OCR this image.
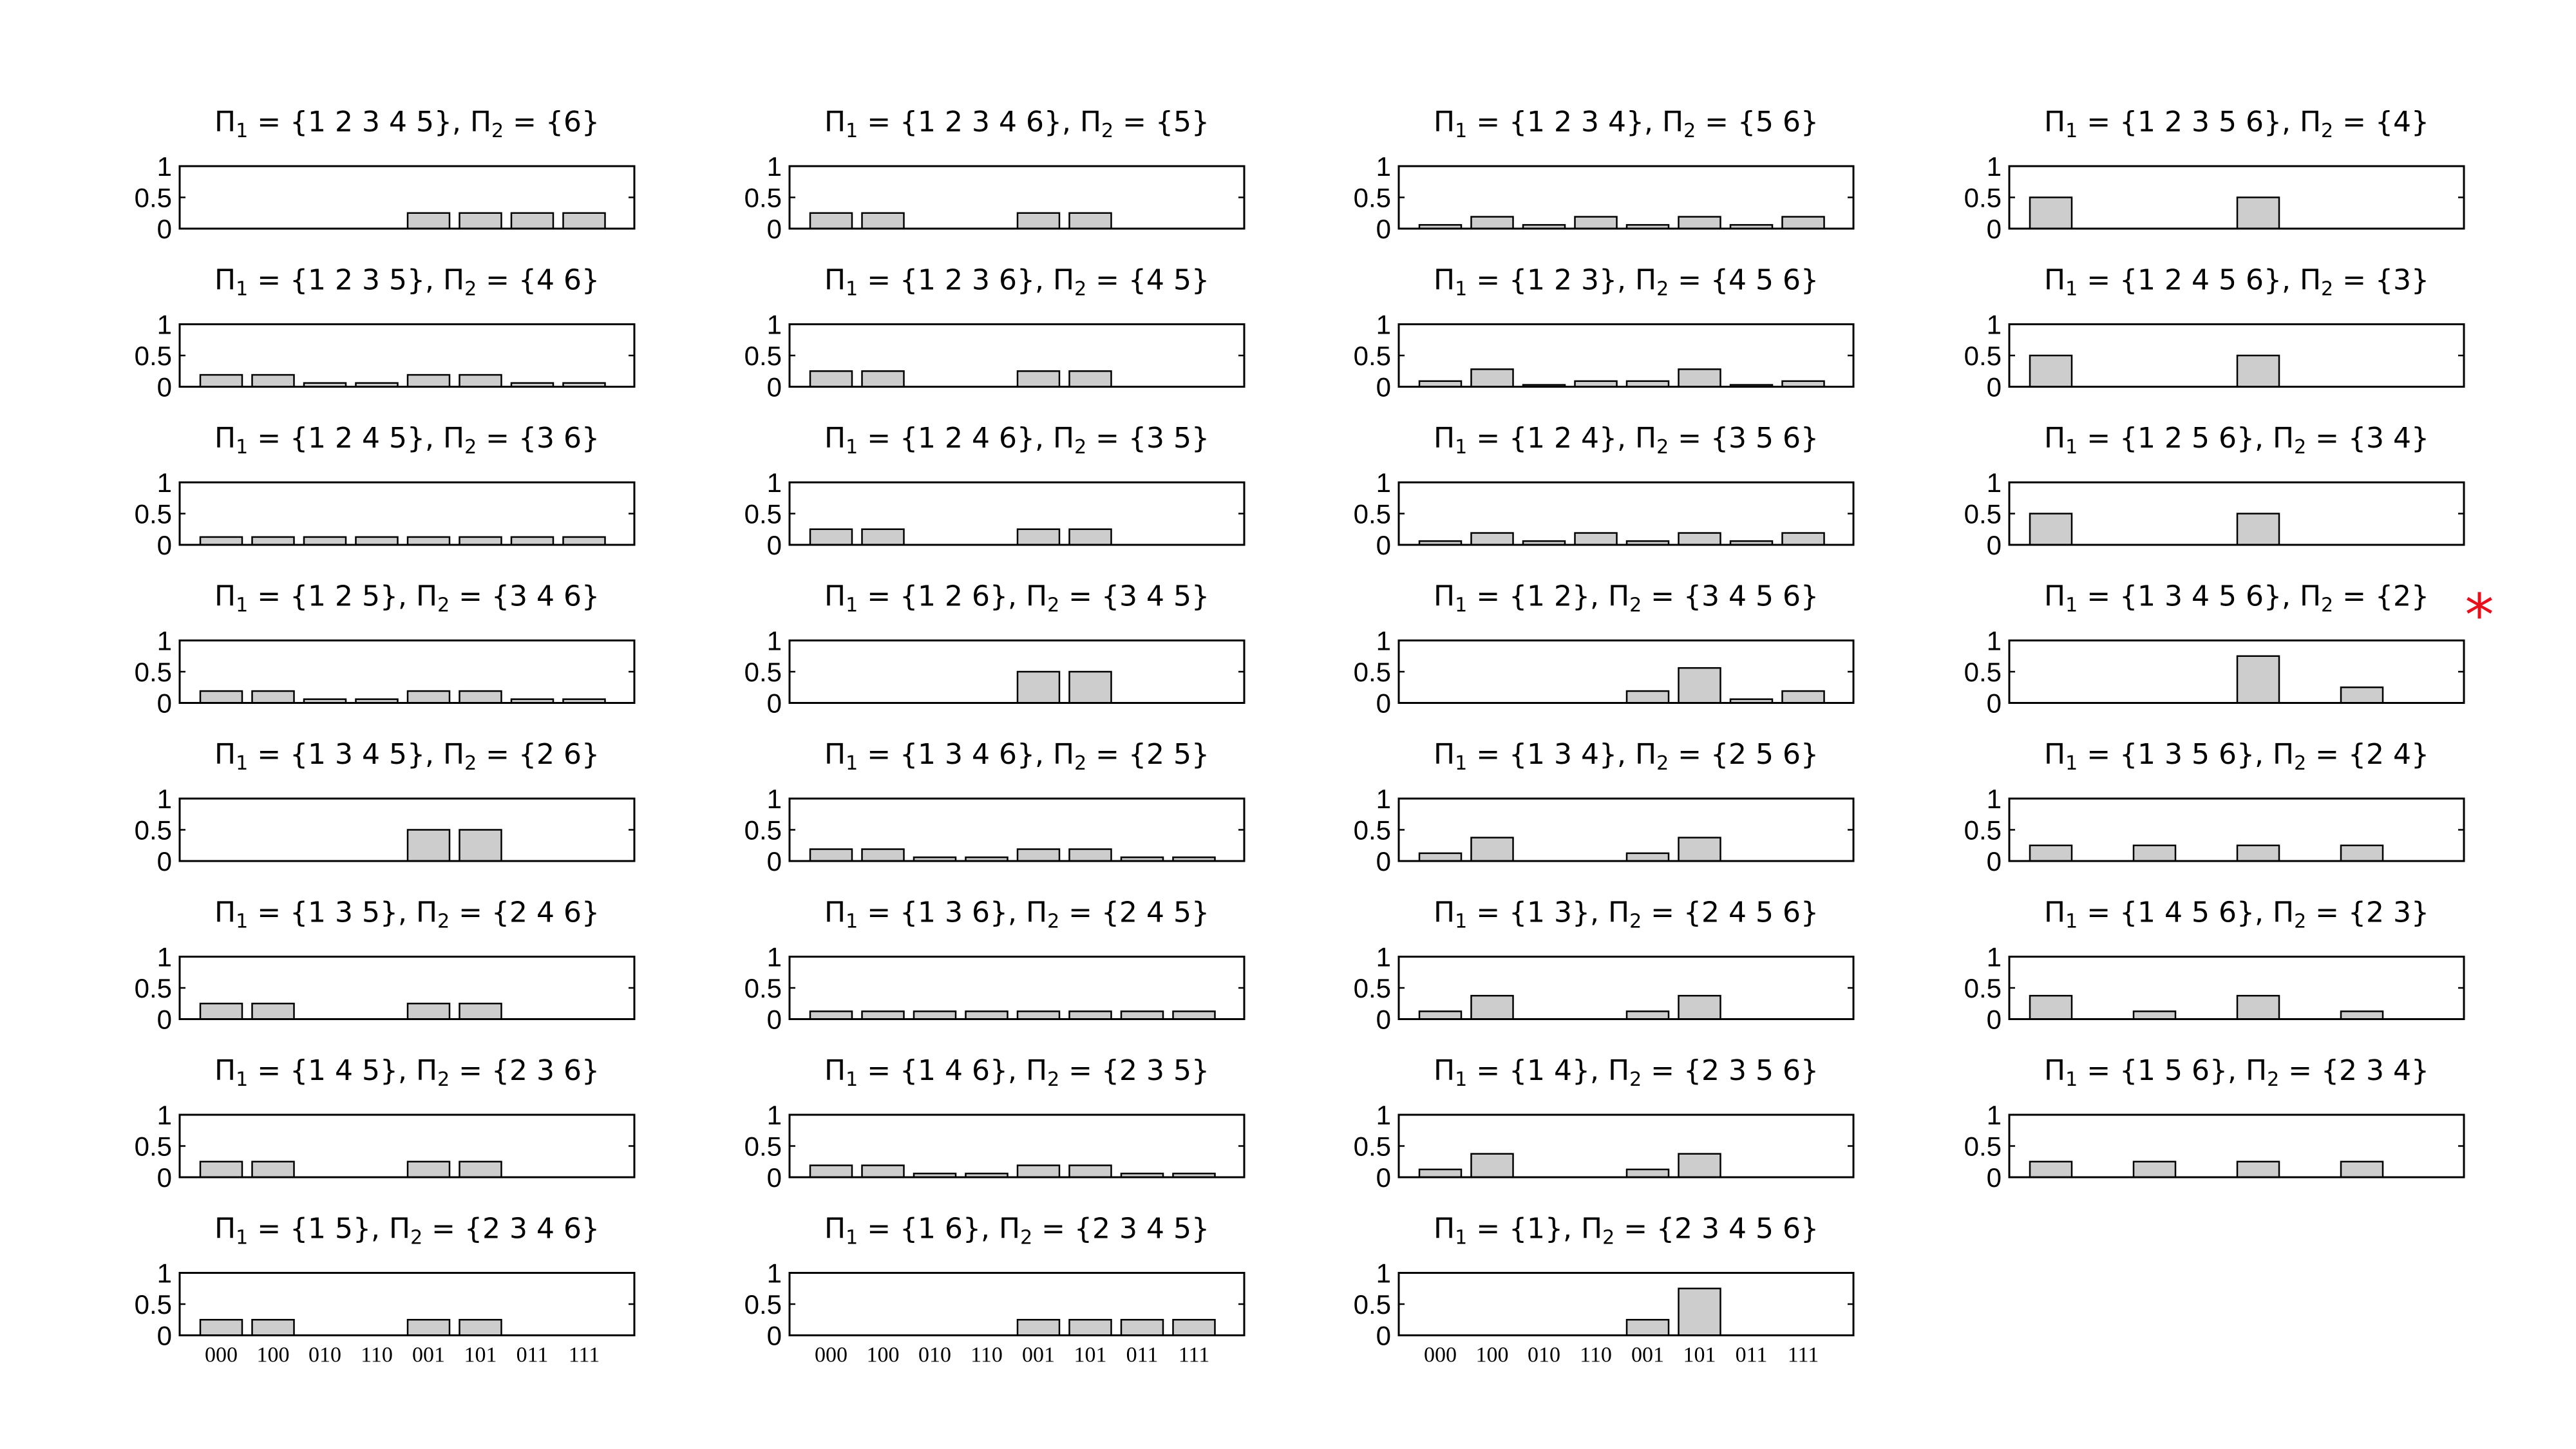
Π1 = {1 2 3 4 5}, Π2 = {6}
0
0.5
1
Π1 = {1 2 3 5}, Π2 = {4 6}
0
0.5
1
Π1 = {1 2 4 5}, Π2 = {3 6}
0
0.5
1
Π1 = {1 2 5}, Π2 = {3 4 6}
0
0.5
1
Π1 = {1 3 4 5}, Π2 = {2 6}
0
0.5
1
Π1 = {1 3 5}, Π2 = {2 4 6}
0
0.5
1
Π1 = {1 4 5}, Π2 = {2 3 6}
0
0.5
1
Π1 = {1 5}, Π2 = {2 3 4 6}
0
0.5
1
000 100 010 110 001 101 011 111
Π1 = {1 2 3 4 6}, Π2 = {5}
0
0.5
1
Π1 = {1 2 3 6}, Π2 = {4 5}
0
0.5
1
Π1 = {1 2 4 6}, Π2 = {3 5}
0
0.5
1
Π1 = {1 2 6}, Π2 = {3 4 5}
0
0.5
1
Π1 = {1 3 4 6}, Π2 = {2 5}
0
0.5
1
Π1 = {1 3 6}, Π2 = {2 4 5}
0
0.5
1
Π1 = {1 4 6}, Π2 = {2 3 5}
0
0.5
1
Π1 = {1 6}, Π2 = {2 3 4 5}
0
0.5
1
000 100 010 110 001 101 011 111
Π1 = {1 2 3 4}, Π2 = {5 6}
0
0.5
1
Π1 = {1 2 3}, Π2 = {4 5 6}
0
0.5
1
Π1 = {1 2 4}, Π2 = {3 5 6}
0
0.5
1
Π1 = {1 2}, Π2 = {3 4 5 6}
0
0.5
1
Π1 = {1 3 4}, Π2 = {2 5 6}
0
0.5
1
Π1 = {1 3}, Π2 = {2 4 5 6}
0
0.5
1
Π1 = {1 4}, Π2 = {2 3 5 6}
0
0.5
1
Π1 = {1}, Π2 = {2 3 4 5 6}
0
0.5
1
000 100 010 110 001 101 011 111
Π1 = {1 2 3 5 6}, Π2 = {4}
0
0.5
1
Π1 = {1 2 4 5 6}, Π2 = {3}
0
0.5
1
Π1 = {1 2 5 6}, Π2 = {3 4}
0
0.5
1
Π1 = {1 3 4 5 6}, Π2 = {2}
0
0.5
1	*
Π1 = {1 3 5 6}, Π2 = {2 4}
0
0.5
1
Π1 = {1 4 5 6}, Π2 = {2 3}
0
0.5
1
Π1 = {1 5 6}, Π2 = {2 3 4}
0
0.5
1
